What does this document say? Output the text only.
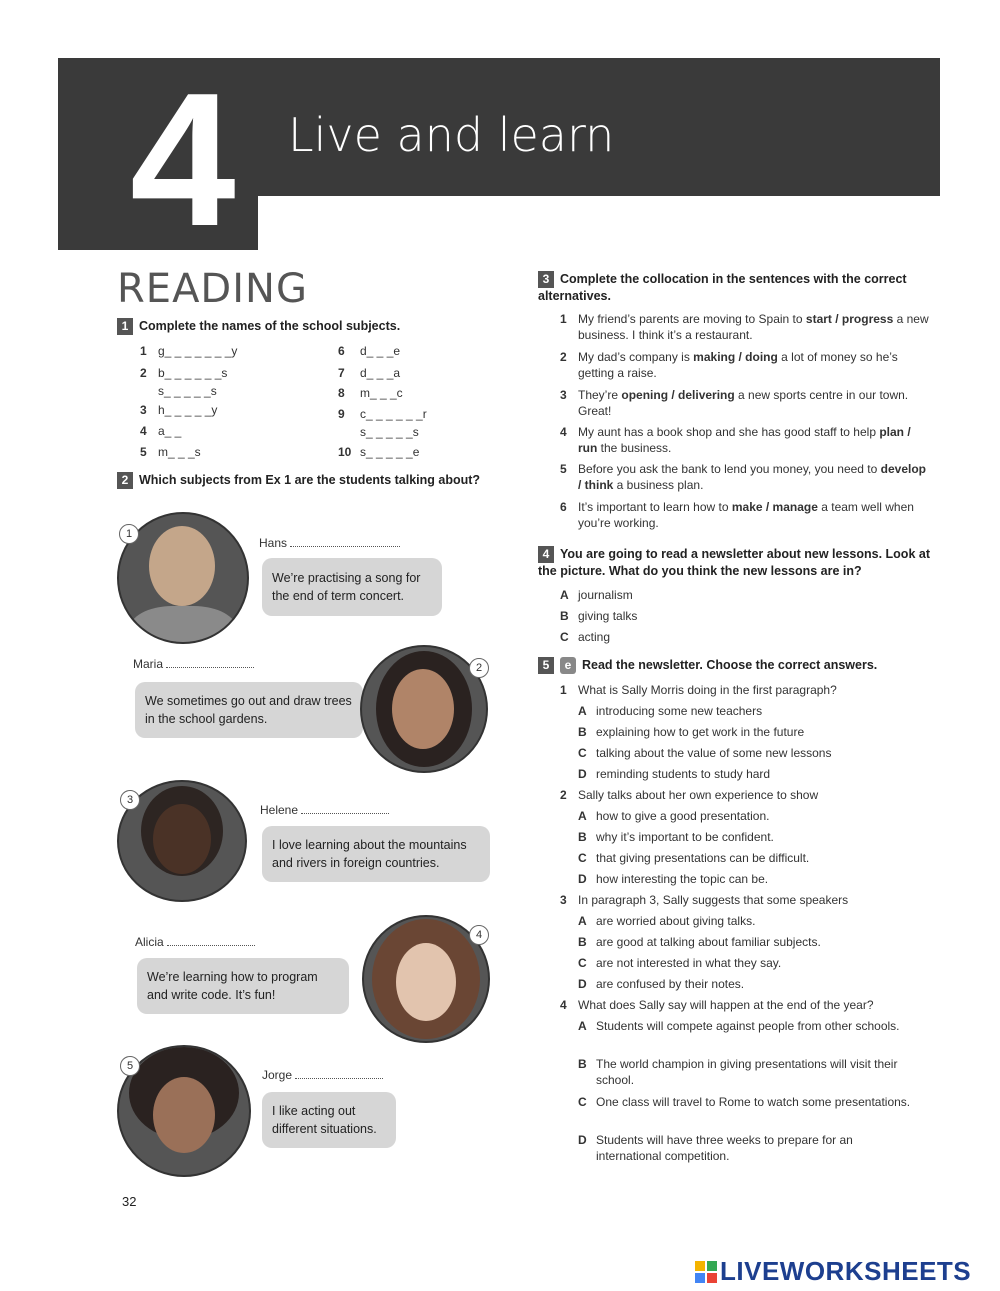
4 Live and learn
READING
1 Complete the names of the school subjects.
1 g_ _ _ _ _ _ _y
2 b_ _ _ _ _ _s
s_ _ _ _ _s
3 h_ _ _ _ _y
4 a_ _
5 m_ _ _s
6 d_ _ _e
7 d_ _ _a
8 m_ _ _c
9 c_ _ _ _ _ _r
s_ _ _ _ _s
10 s_ _ _ _ _e
2 Which subjects from Ex 1 are the students talking about?
1
Hans
We’re practising a song for the end of term concert.
Maria
We sometimes go out and draw trees in the school gardens.
2
3
Helene
I love learning about the mountains and rivers in foreign countries.
Alicia
We’re learning how to program and write code. It’s fun!
4
5
Jorge
I like acting out different situations.
3 Complete the collocation in the sentences with the correct alternatives.
1 My friend’s parents are moving to Spain to start / progress a new business. I think it’s a restaurant.
2 My dad’s company is making / doing a lot of money so he’s getting a raise.
3 They’re opening / delivering a new sports centre in our town. Great!
4 My aunt has a book shop and she has good staff to help plan / run the business.
5 Before you ask the bank to lend you money, you need to develop / think a business plan.
6 It’s important to learn how to make / manage a team well when you’re working.
4 You are going to read a newsletter about new lessons. Look at the picture. What do you think the new lessons are in?
A journalism
B giving talks
C acting
5 e Read the newsletter. Choose the correct answers.
1 What is Sally Morris doing in the first paragraph?
A introducing some new teachers
B explaining how to get work in the future
C talking about the value of some new lessons
D reminding students to study hard
2 Sally talks about her own experience to show
A how to give a good presentation.
B why it’s important to be confident.
C that giving presentations can be difficult.
D how interesting the topic can be.
3 In paragraph 3, Sally suggests that some speakers
A are worried about giving talks.
B are good at talking about familiar subjects.
C are not interested in what they say.
D are confused by their notes.
4 What does Sally say will happen at the end of the year?
A Students will compete against people from other schools.
B The world champion in giving presentations will visit their school.
C One class will travel to Rome to watch some presentations.
D Students will have three weeks to prepare for an international competition.
32
LIVEWORKSHEETS
